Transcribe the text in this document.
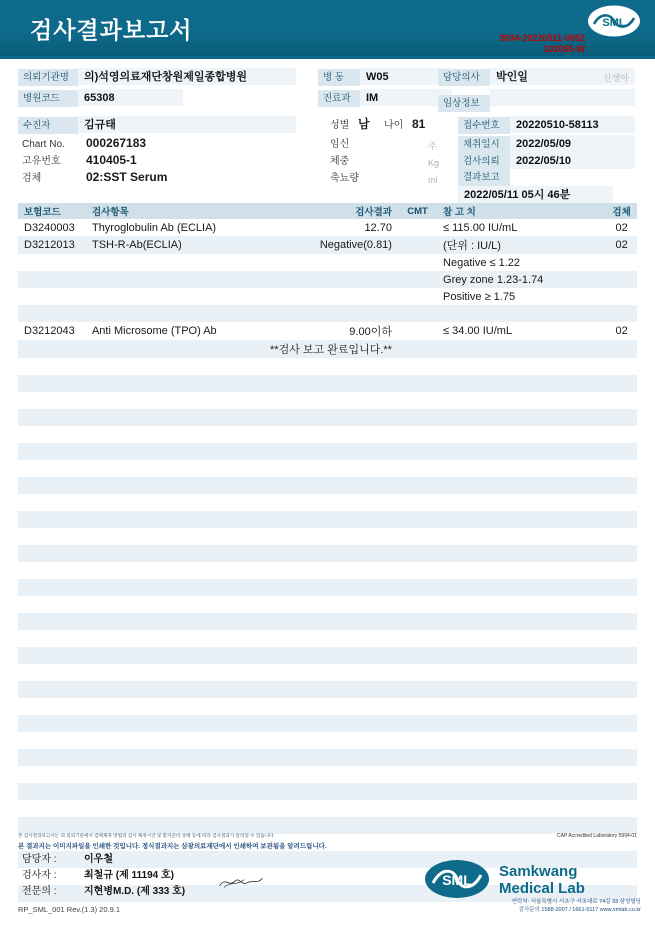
검사결과보고서	SML
3034-20220511-0052
102055-W
의뢰기관명 의)석영의료재단창원제일종합병원	병 동 W05	담당의사 박인일	신생아
병원코드 65308	진료과 IM	임상정보
수진자	김규태	성별 남 나이 81	접수번호 20220510-58113
Chart No. 000267183	임신	주	채취일시 2022/05/09
고유번호 410405-1	체중	Kg	검사의뢰 2022/05/10
검체	02:SST Serum	축뇨량	ml	결과보고2022/05/11 05시 46분
보험코드	검사항목	검사결과	CMT	참 고 치	검체
D3240003	Thyroglobulin Ab (ECLIA)	12.70		≤ 115.00 IU/mL	02
D3212013	TSH-R-Ab(ECLIA)	Negative(0.81)		(단위 : IU/L)	02
				Negative ≤ 1.22	
				Grey zone 1.23-1.74	
				Positive ≥ 1.75	

D3212043	Anti Microsome (TPO) Ab	9.00이하		≤ 34.00 IU/mL	02
		**검사 보고 완료입니다.**			

본 검사결과보고서는 의 의뢰기관에서 검체채취 방법과 검사 채취시간 및 환자준비 상태 등에 따라 검사결과가 달라질 수 있습니다.	CAP Accredited Laboratory 5994-01
본 결과지는 이미지파일을 인쇄한 것입니다. 정식결과지는 삼광의료재단에서 인쇄하여 보관됨을 알려드립니다.
담당자 :	이우철
검사자 :	최철규 (제 11194 호)
전문의 :	지현병M.D. (제 333 호)
SML Samkwang
Medical Lab
연락처: 서울특별시 서초구 서초대로 74길 33 삼성빌딩
검사문의 1588-2007 / 1661-5117 www.smlab.co.kr
RP_SML_001 Rev.(1.3) 20.9.1
